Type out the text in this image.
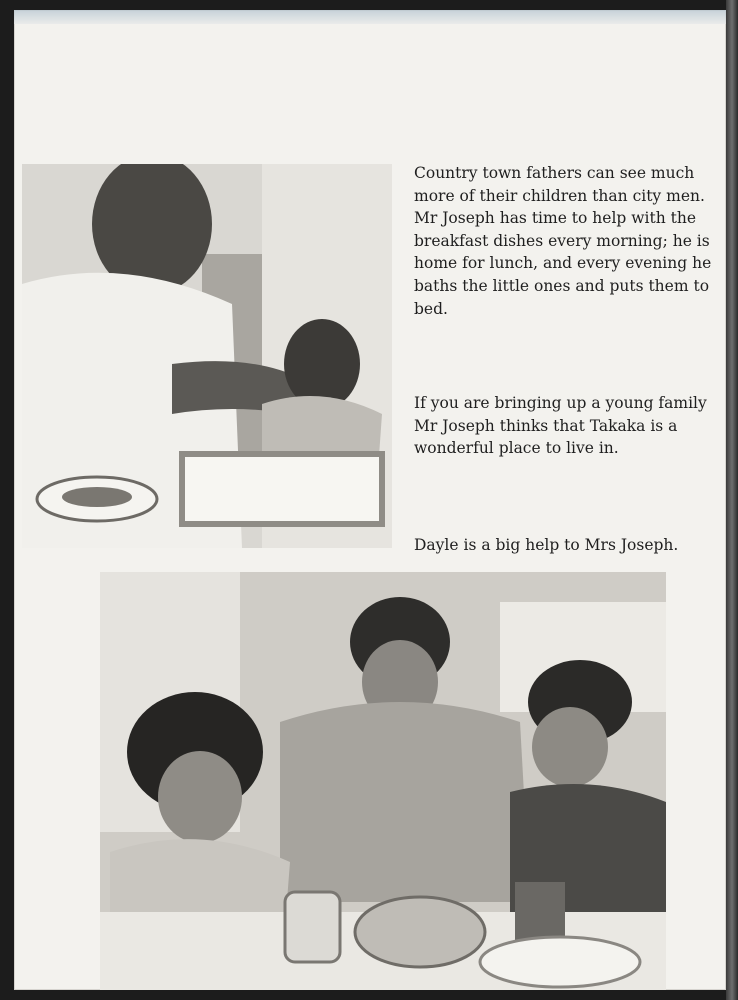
Country town fathers can see much more of their children than city men. Mr Joseph has time to help with the breakfast dishes every morning; he is home for lunch, and every evening he baths the little ones and puts them to bed.

If you are bringing up a young family Mr Joseph thinks that Takaka is a wonderful place to live in.

Dayle is a big help to Mrs Joseph.
